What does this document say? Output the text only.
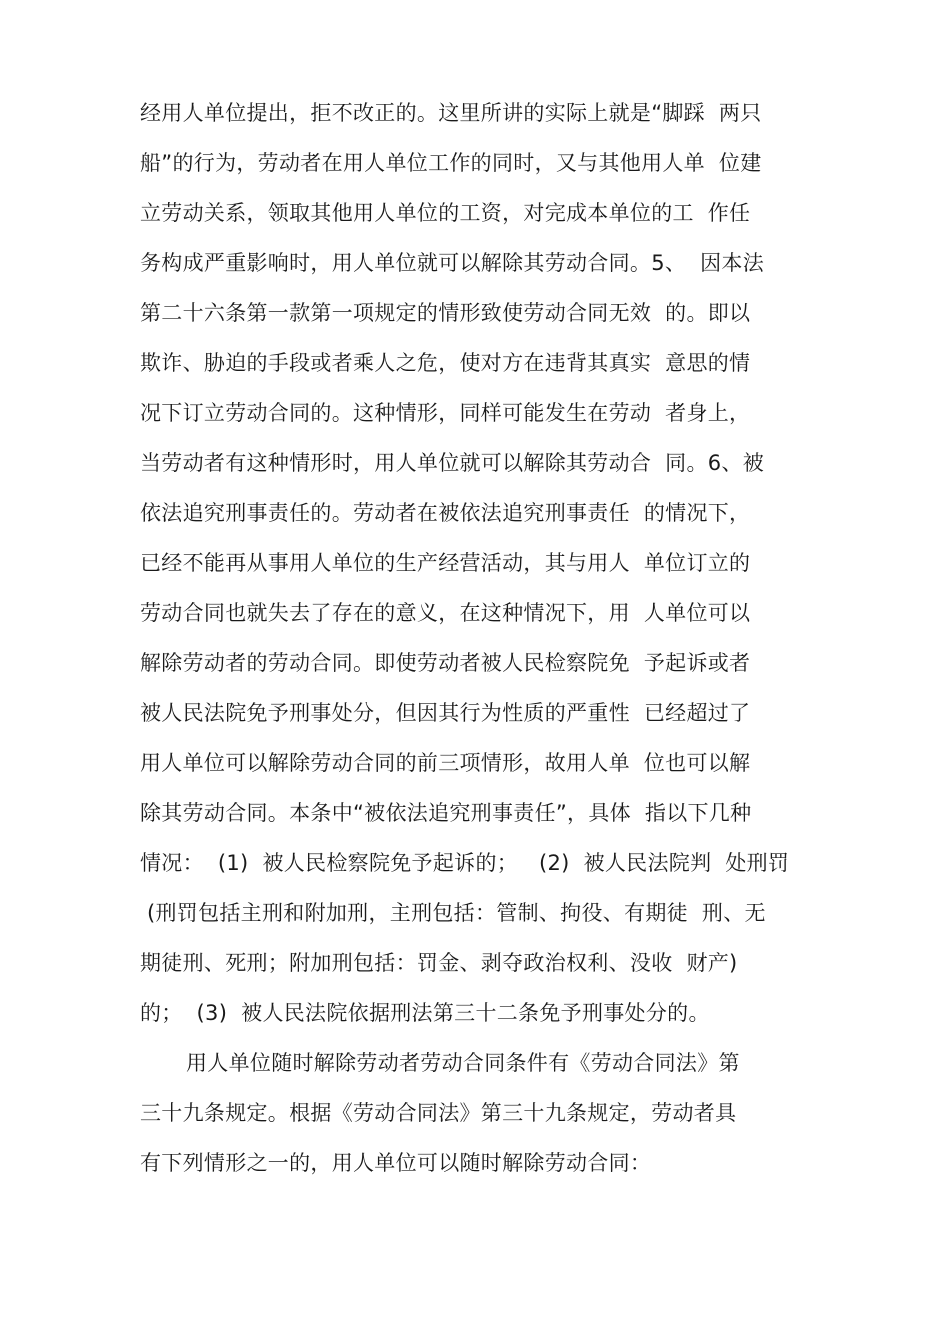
经用人单位提出，拒不改正的。这里所讲的实际上就是“脚踩  两只
船”的行为，劳动者在用人单位工作的同时，又与其他用人单  位建
立劳动关系，领取其他用人单位的工资，对完成本单位的工  作任
务构成严重影响时，用人单位就可以解除其劳动合同。5、  因本法
第二十六条第一款第一项规定的情形致使劳动合同无效  的。即以
欺诈、胁迫的手段或者乘人之危，使对方在违背其真实  意思的情
况下订立劳动合同的。这种情形，同样可能发生在劳动  者身上，
当劳动者有这种情形时，用人单位就可以解除其劳动合  同。6、被
依法追究刑事责任的。劳动者在被依法追究刑事责任  的情况下，
已经不能再从事用人单位的生产经营活动，其与用人  单位订立的
劳动合同也就失去了存在的意义，在这种情况下，用  人单位可以
解除劳动者的劳动合同。即使劳动者被人民检察院免  予起诉或者
被人民法院免予刑事处分，但因其行为性质的严重性  已经超过了
用人单位可以解除劳动合同的前三项情形，故用人单  位也可以解
除其劳动合同。本条中“被依法追究刑事责任”，具体  指以下几种
情况：  (1)  被人民检察院免予起诉的；   (2)  被人民法院判  处刑罚
(刑罚包括主刑和附加刑，主刑包括：管制、拘役、有期徒  刑、无
期徒刑、死刑；附加刑包括：罚金、剥夺政治权利、没收  财产)
的；  (3)  被人民法院依据刑法第三十二条免予刑事处分的。
用人单位随时解除劳动者劳动合同条件有《劳动合同法》第
三十九条规定。根据《劳动合同法》第三十九条规定，劳动者具
有下列情形之一的，用人单位可以随时解除劳动合同：
